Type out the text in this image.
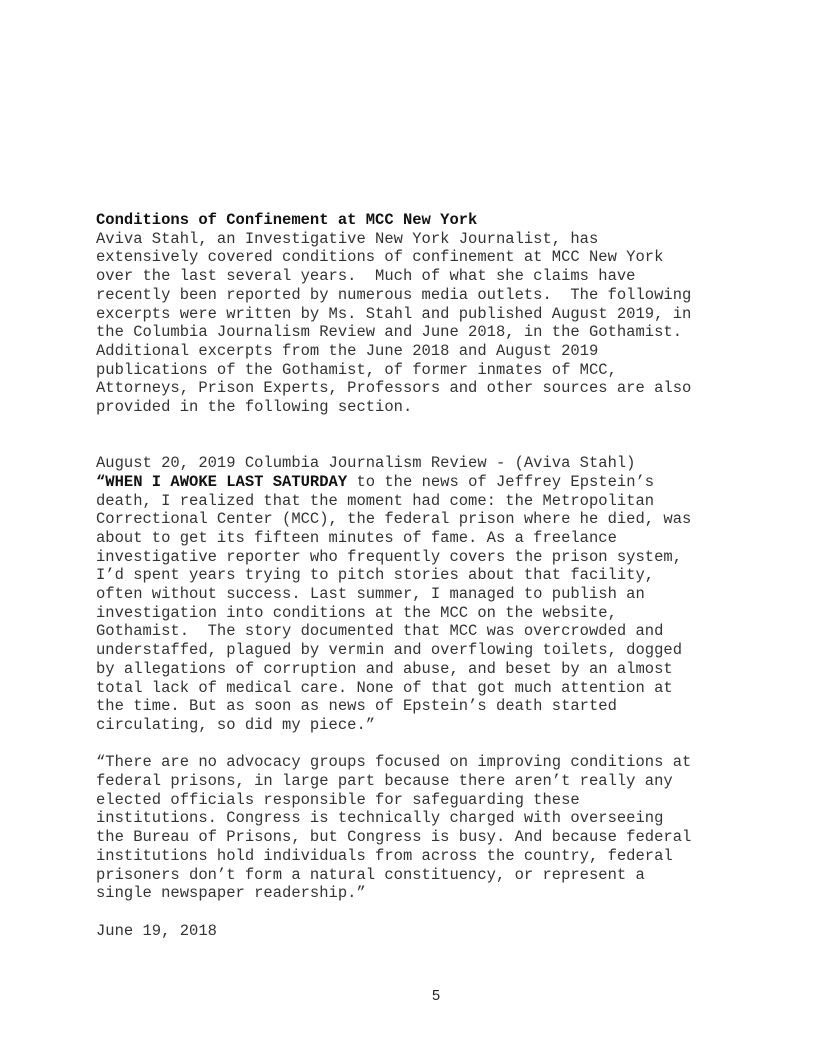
Conditions of Confinement at MCC New York
Aviva Stahl, an Investigative New York Journalist, has
extensively covered conditions of confinement at MCC New York
over the last several years.  Much of what she claims have
recently been reported by numerous media outlets.  The following
excerpts were written by Ms. Stahl and published August 2019, in
the Columbia Journalism Review and June 2018, in the Gothamist.
Additional excerpts from the June 2018 and August 2019
publications of the Gothamist, of former inmates of MCC,
Attorneys, Prison Experts, Professors and other sources are also
provided in the following section.
August 20, 2019 Columbia Journalism Review - (Aviva Stahl)
“WHEN I AWOKE LAST SATURDAY to the news of Jeffrey Epstein’s
death, I realized that the moment had come: the Metropolitan
Correctional Center (MCC), the federal prison where he died, was
about to get its fifteen minutes of fame. As a freelance
investigative reporter who frequently covers the prison system,
I’d spent years trying to pitch stories about that facility,
often without success. Last summer, I managed to publish an
investigation into conditions at the MCC on the website,
Gothamist.  The story documented that MCC was overcrowded and
understaffed, plagued by vermin and overflowing toilets, dogged
by allegations of corruption and abuse, and beset by an almost
total lack of medical care. None of that got much attention at
the time. But as soon as news of Epstein’s death started
circulating, so did my piece.”
“There are no advocacy groups focused on improving conditions at
federal prisons, in large part because there aren’t really any
elected officials responsible for safeguarding these
institutions. Congress is technically charged with overseeing
the Bureau of Prisons, but Congress is busy. And because federal
institutions hold individuals from across the country, federal
prisoners don’t form a natural constituency, or represent a
single newspaper readership.”
June 19, 2018
5
